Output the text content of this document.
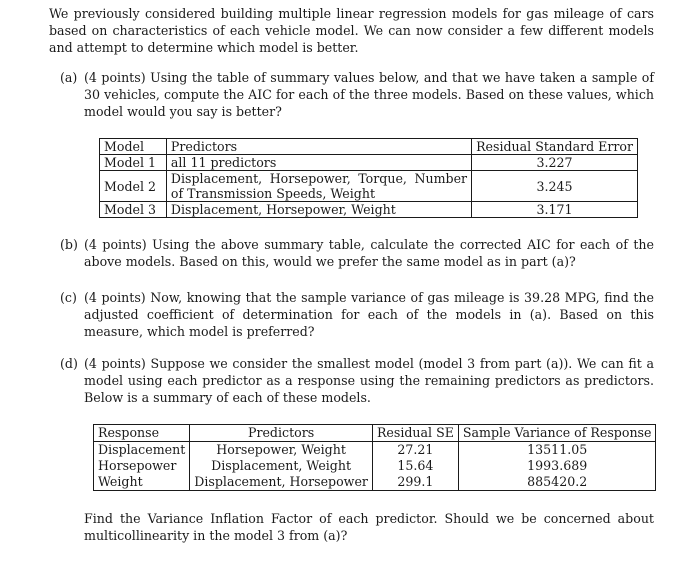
We previously considered building multiple linear regression models for gas mileage of cars based on characteristics of each vehicle model. We can now consider a few different models and attempt to determine which model is better.

(a) (4 points) Using the table of summary values below, and that we have taken a sample of 30 vehicles, compute the AIC for each of the three models. Based on these values, which model would you say is better?

Model	Predictors	Residual Standard Error
Model 1	all 11 predictors	3.227
Model 2	Displacement, Horsepower, Torque, Number of Transmission Speeds, Weight	3.245
Model 3	Displacement, Horsepower, Weight	3.171
(b) (4 points) Using the above summary table, calculate the corrected AIC for each of the above models. Based on this, would we prefer the same model as in part (a)?

(c) (4 points) Now, knowing that the sample variance of gas mileage is 39.28 MPG, find the adjusted coefficient of determination for each of the models in (a). Based on this measure, which model is preferred?

(d) (4 points) Suppose we consider the smallest model (model 3 from part (a)). We can fit a model using each predictor as a response using the remaining predictors as predictors. Below is a summary of each of these models.

Response	Predictors	Residual SE	Sample Variance of Response
Displacement	Horsepower, Weight	27.21	13511.05
Horsepower	Displacement, Weight	15.64	1993.689
Weight	Displacement, Horsepower	299.1	885420.2

Find the Variance Inflation Factor of each predictor. Should we be concerned about multicollinearity in the model 3 from (a)?
